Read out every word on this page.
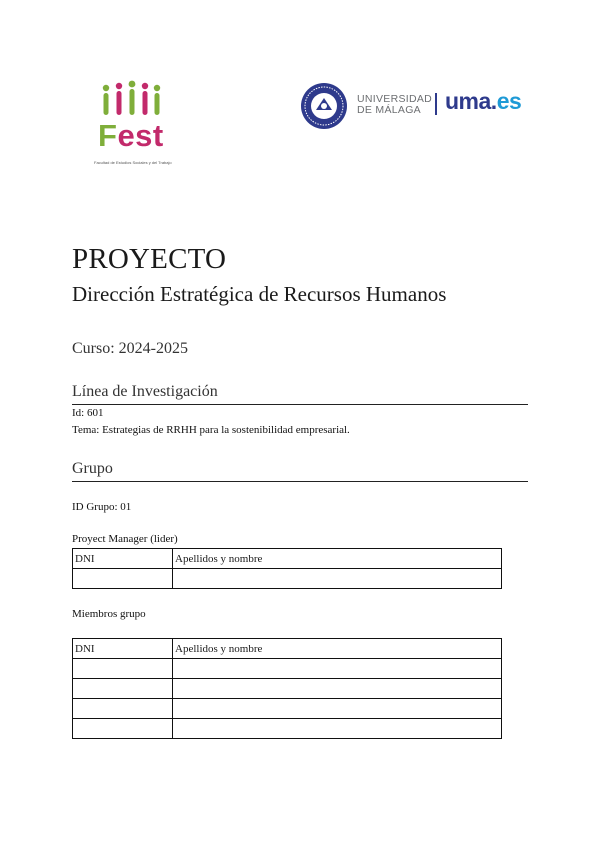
Fest
Facultad de Estudios Sociales y del Trabajo
UNIVERSIDAD
DE MÁLAGA	uma.es
PROYECTO
Dirección Estratégica de Recursos Humanos
Curso: 2024-2025
Línea de Investigación
Id: 601
Tema: Estrategias de RRHH para la sostenibilidad empresarial.
Grupo
ID Grupo: 01
Proyect Manager (lider)
DNI	Apellidos y nombre

Miembros grupo
DNI	Apellidos y nombre
